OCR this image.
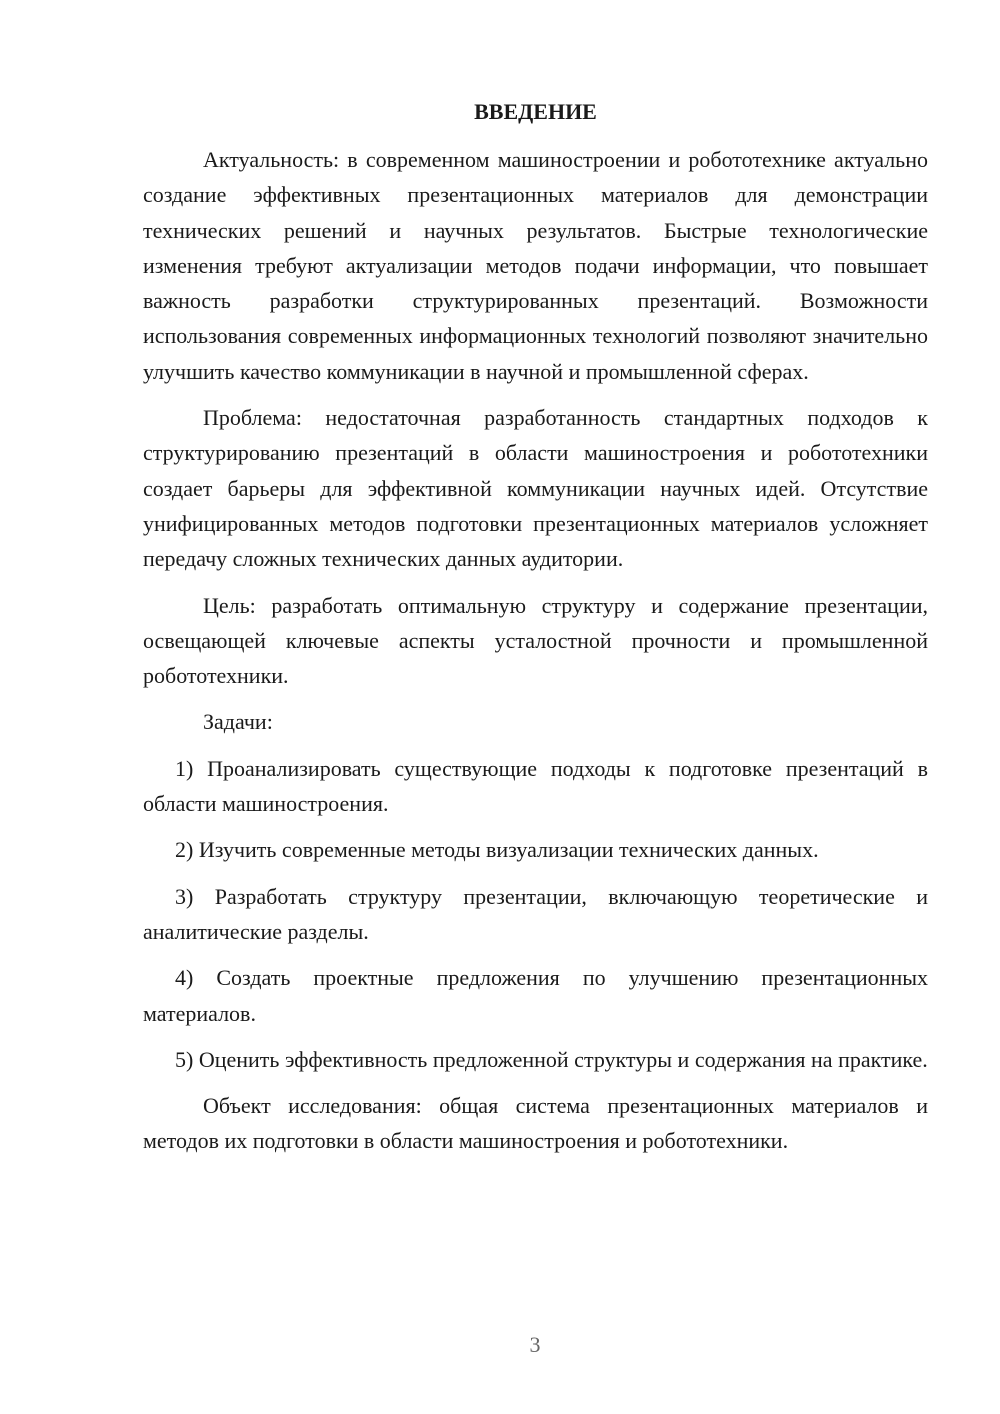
ВВЕДЕНИЕ

Актуальность: в современном машиностроении и робототехнике актуально создание эффективных презентационных материалов для демонстрации технических решений и научных результатов. Быстрые технологические изменения требуют актуализации методов подачи информации, что повышает важность разработки структурированных презентаций. Возможности использования современных информационных технологий позволяют значительно улучшить качество коммуникации в научной и промышленной сферах.

Проблема: недостаточная разработанность стандартных подходов к структурированию презентаций в области машиностроения и робототехники создает барьеры для эффективной коммуникации научных идей. Отсутствие унифицированных методов подготовки презентационных материалов усложняет передачу сложных технических данных аудитории.

Цель: разработать оптимальную структуру и содержание презентации, освещающей ключевые аспекты усталостной прочности и промышленной робототехники.

Задачи:

1) Проанализировать существующие подходы к подготовке презентаций в области машиностроения.

2) Изучить современные методы визуализации технических данных.

3) Разработать структуру презентации, включающую теоретические и аналитические разделы.

4) Создать проектные предложения по улучшению презентационных материалов.

5) Оценить эффективность предложенной структуры и содержания на практике.

Объект исследования: общая система презентационных материалов и методов их подготовки в области машиностроения и робототехники.

3
